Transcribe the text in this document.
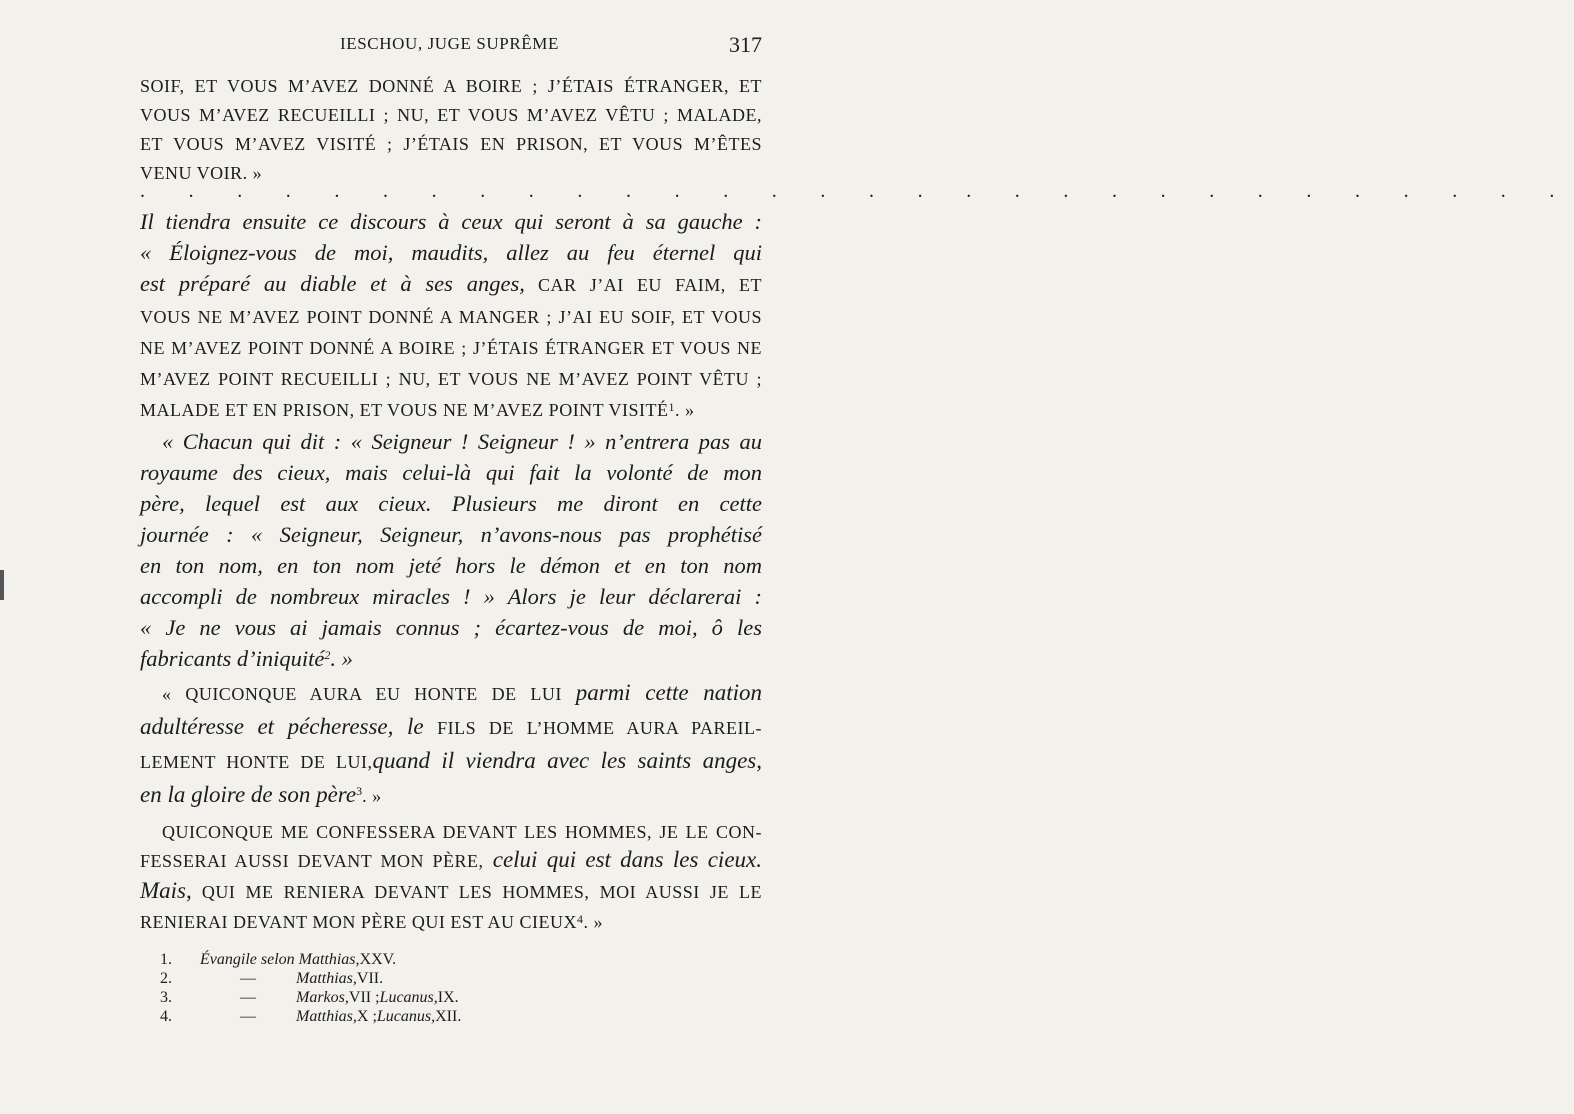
IESCHOU, JUGE SUPRÊME	317
SOIF, ET VOUS M’AVEZ DONNÉ A BOIRE ; J’ÉTAIS ÉTRANGER, ET
VOUS M’AVEZ RECUEILLI ; NU, ET VOUS M’AVEZ VÊTU ; MALADE,
ET VOUS M’AVEZ VISITÉ ; J’ÉTAIS EN PRISON, ET VOUS M’ÊTES
VENU VOIR. »
. . . . . . . . . . . . . . . . . . . . . . . . . . . . . .
Il tiendra ensuite ce discours à ceux qui seront à sa gauche :
« Éloignez-vous de moi, maudits, allez au feu éternel qui
est préparé au diable et à ses anges, CAR J’AI EU FAIM, ET
VOUS NE M’AVEZ POINT DONNÉ A MANGER ; J’AI EU SOIF, ET VOUS
NE M’AVEZ POINT DONNÉ A BOIRE ; J’ÉTAIS ÉTRANGER ET VOUS NE
M’AVEZ POINT RECUEILLI ; NU, ET VOUS NE M’AVEZ POINT VÊTU ;
MALADE ET EN PRISON, ET VOUS NE M’AVEZ POINT VISITÉ$^1$. »
« Chacun qui dit : « Seigneur ! Seigneur ! » n’entrera pas au
royaume des cieux, mais celui-là qui fait la volonté de mon
père, lequel est aux cieux. Plusieurs me diront en cette
journée : « Seigneur, Seigneur, n’avons-nous pas prophétisé
en ton nom, en ton nom jeté hors le démon et en ton nom
accompli de nombreux miracles ! » Alors je leur déclarerai :
« Je ne vous ai jamais connus ; écartez-vous de moi, ô les
fabricants d’iniquité$^2$. »
« QUICONQUE AURA EU HONTE DE LUI parmi cette nation
adultéresse et pécheresse, le FILS DE L’HOMME AURA PAREIL-
LEMENT HONTE DE LUI,quand il viendra avec les saints anges,
en la gloire de son père$^3$. »
QUICONQUE ME CONFESSERA DEVANT LES HOMMES, JE LE CON-
FESSERAI AUSSI DEVANT MON PÈRE, celui qui est dans les cieux.
Mais, QUI ME RENIERA DEVANT LES HOMMES, MOI AUSSI JE LE
RENIERAI DEVANT MON PÈRE QUI EST AU CIEUX$^4$. »
1.	Évangile selon Matthias, XXV.
2.	—	Matthias, VII.
3.	—	Markos, VII ; Lucanus, IX.
4.	—	Matthias, X ; Lucanus, XII.
